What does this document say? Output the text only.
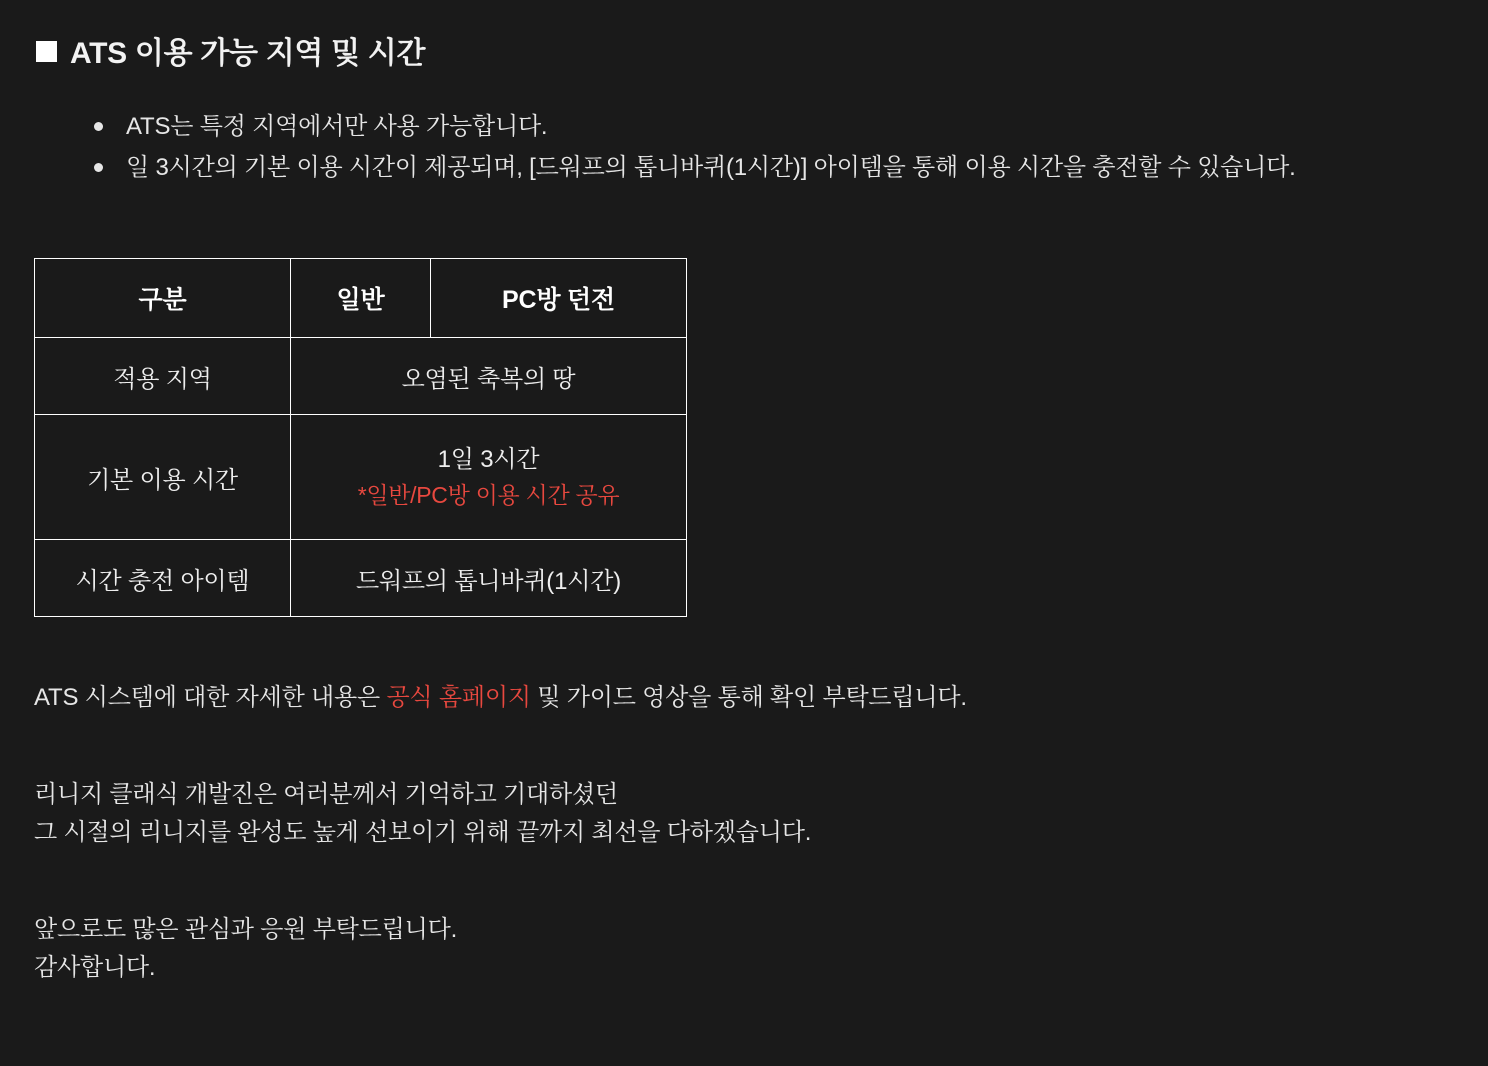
ATS 이용 가능 지역 및 시간
ATS는 특정 지역에서만 사용 가능합니다.
일 3시간의 기본 이용 시간이 제공되며, [드워프의 톱니바퀴(1시간)] 아이템을 통해 이용 시간을 충전할 수 있습니다.
구분	일반	PC방 던전
적용 지역	오염된 축복의 땅	
기본 이용 시간	1일 3시간
*일반/PC방 이용 시간 공유	

시간 충전 아이템	드워프의 톱니바퀴(1시간)	

ATS 시스템에 대한 자세한 내용은 공식 홈페이지 및 가이드 영상을 통해 확인 부탁드립니다.

리니지 클래식 개발진은 여러분께서 기억하고 기대하셨던
그 시절의 리니지를 완성도 높게 선보이기 위해 끝까지 최선을 다하겠습니다.

앞으로도 많은 관심과 응원 부탁드립니다.
감사합니다.
